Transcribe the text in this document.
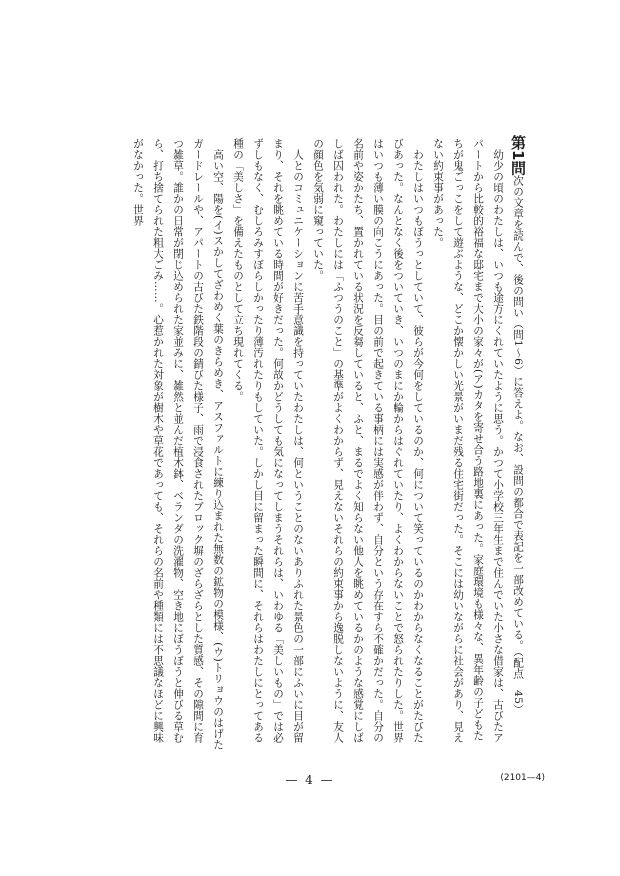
第1問次の文章を読んで、後の問い（問1〜6）に答えよ。なお、設問の都合で表記を一部改めている。（配点　45）

幼少の頃のわたしは、いつも途方にくれていたように思う。かつて小学校三年生まで住んでいた小さな借家は、古びたアパートから比較的裕福な邸宅まで大小の家々が(ア)カタを寄せ合う路地裏にあった。家庭環境も様々な、異年齢の子どもたちが鬼ごっこをして遊ぶような、どこか懐かしい光景がいまだ残る住宅街だった。そこには幼いながらに社会があり、見えない約束事があった。

わたしはいつもぼうっとしていて、彼らが今何をしているのか、何について笑っているのかわからなくなることがたびたびあった。なんとなく後をついていき、いつのまにか輪からはぐれていたり、よくわからないことで怒られたりした。世界はいつも薄い膜の向こうにあった。目の前で起きている事柄には実感が伴わず、自分という存在すら不確かだった。自分の名前や姿かたち、置かれている状況を反芻していると、ふと、まるでよく知らない他人を眺めているかのような感覚にしばしば囚われた。わたしには「ふつうのこと」の基準がよくわからず、見えないそれらの約束事から逸脱しないように、友人の顔色を気弱に窺っていた。

人とのコミュニケーションに苦手意識を持っていたわたしは、何ということのないありふれた景色の一部にふいに目が留まり、それを眺めている時間が好きだった。何故かどうしても気になってしまうそれらは、いわゆる「美しいもの」では必ずしもなく、むしろみすぼらしかったり薄汚れたりもしていた。しかし目に留まった瞬間に、それらはわたしにとってある種の「美しさ」を備えたものとして立ち現れてくる。

高い空、陽を(イ)スかしてざわめく葉のきらめき、アスファルトに練り込まれた無数の鉱物の模様、(ウ)トリョウのはげたガードレールや、アパートの古びた鉄階段の錆びた様子、雨で浸食されたブロック塀のざらざらとした質感、その隙間に育つ雑草。誰かの日常が閉じ込められた家並みに、雑然と並んだ植木鉢、ベランダの洗濯物、空き地にぼうぼうと伸びる草むら、打ち捨てられた粗大ごみ……。心惹かれた対象が樹木や草花であっても、それらの名前や種類には不思議なほどに興味がなかった。世界

— 4 —	(2101—4)
